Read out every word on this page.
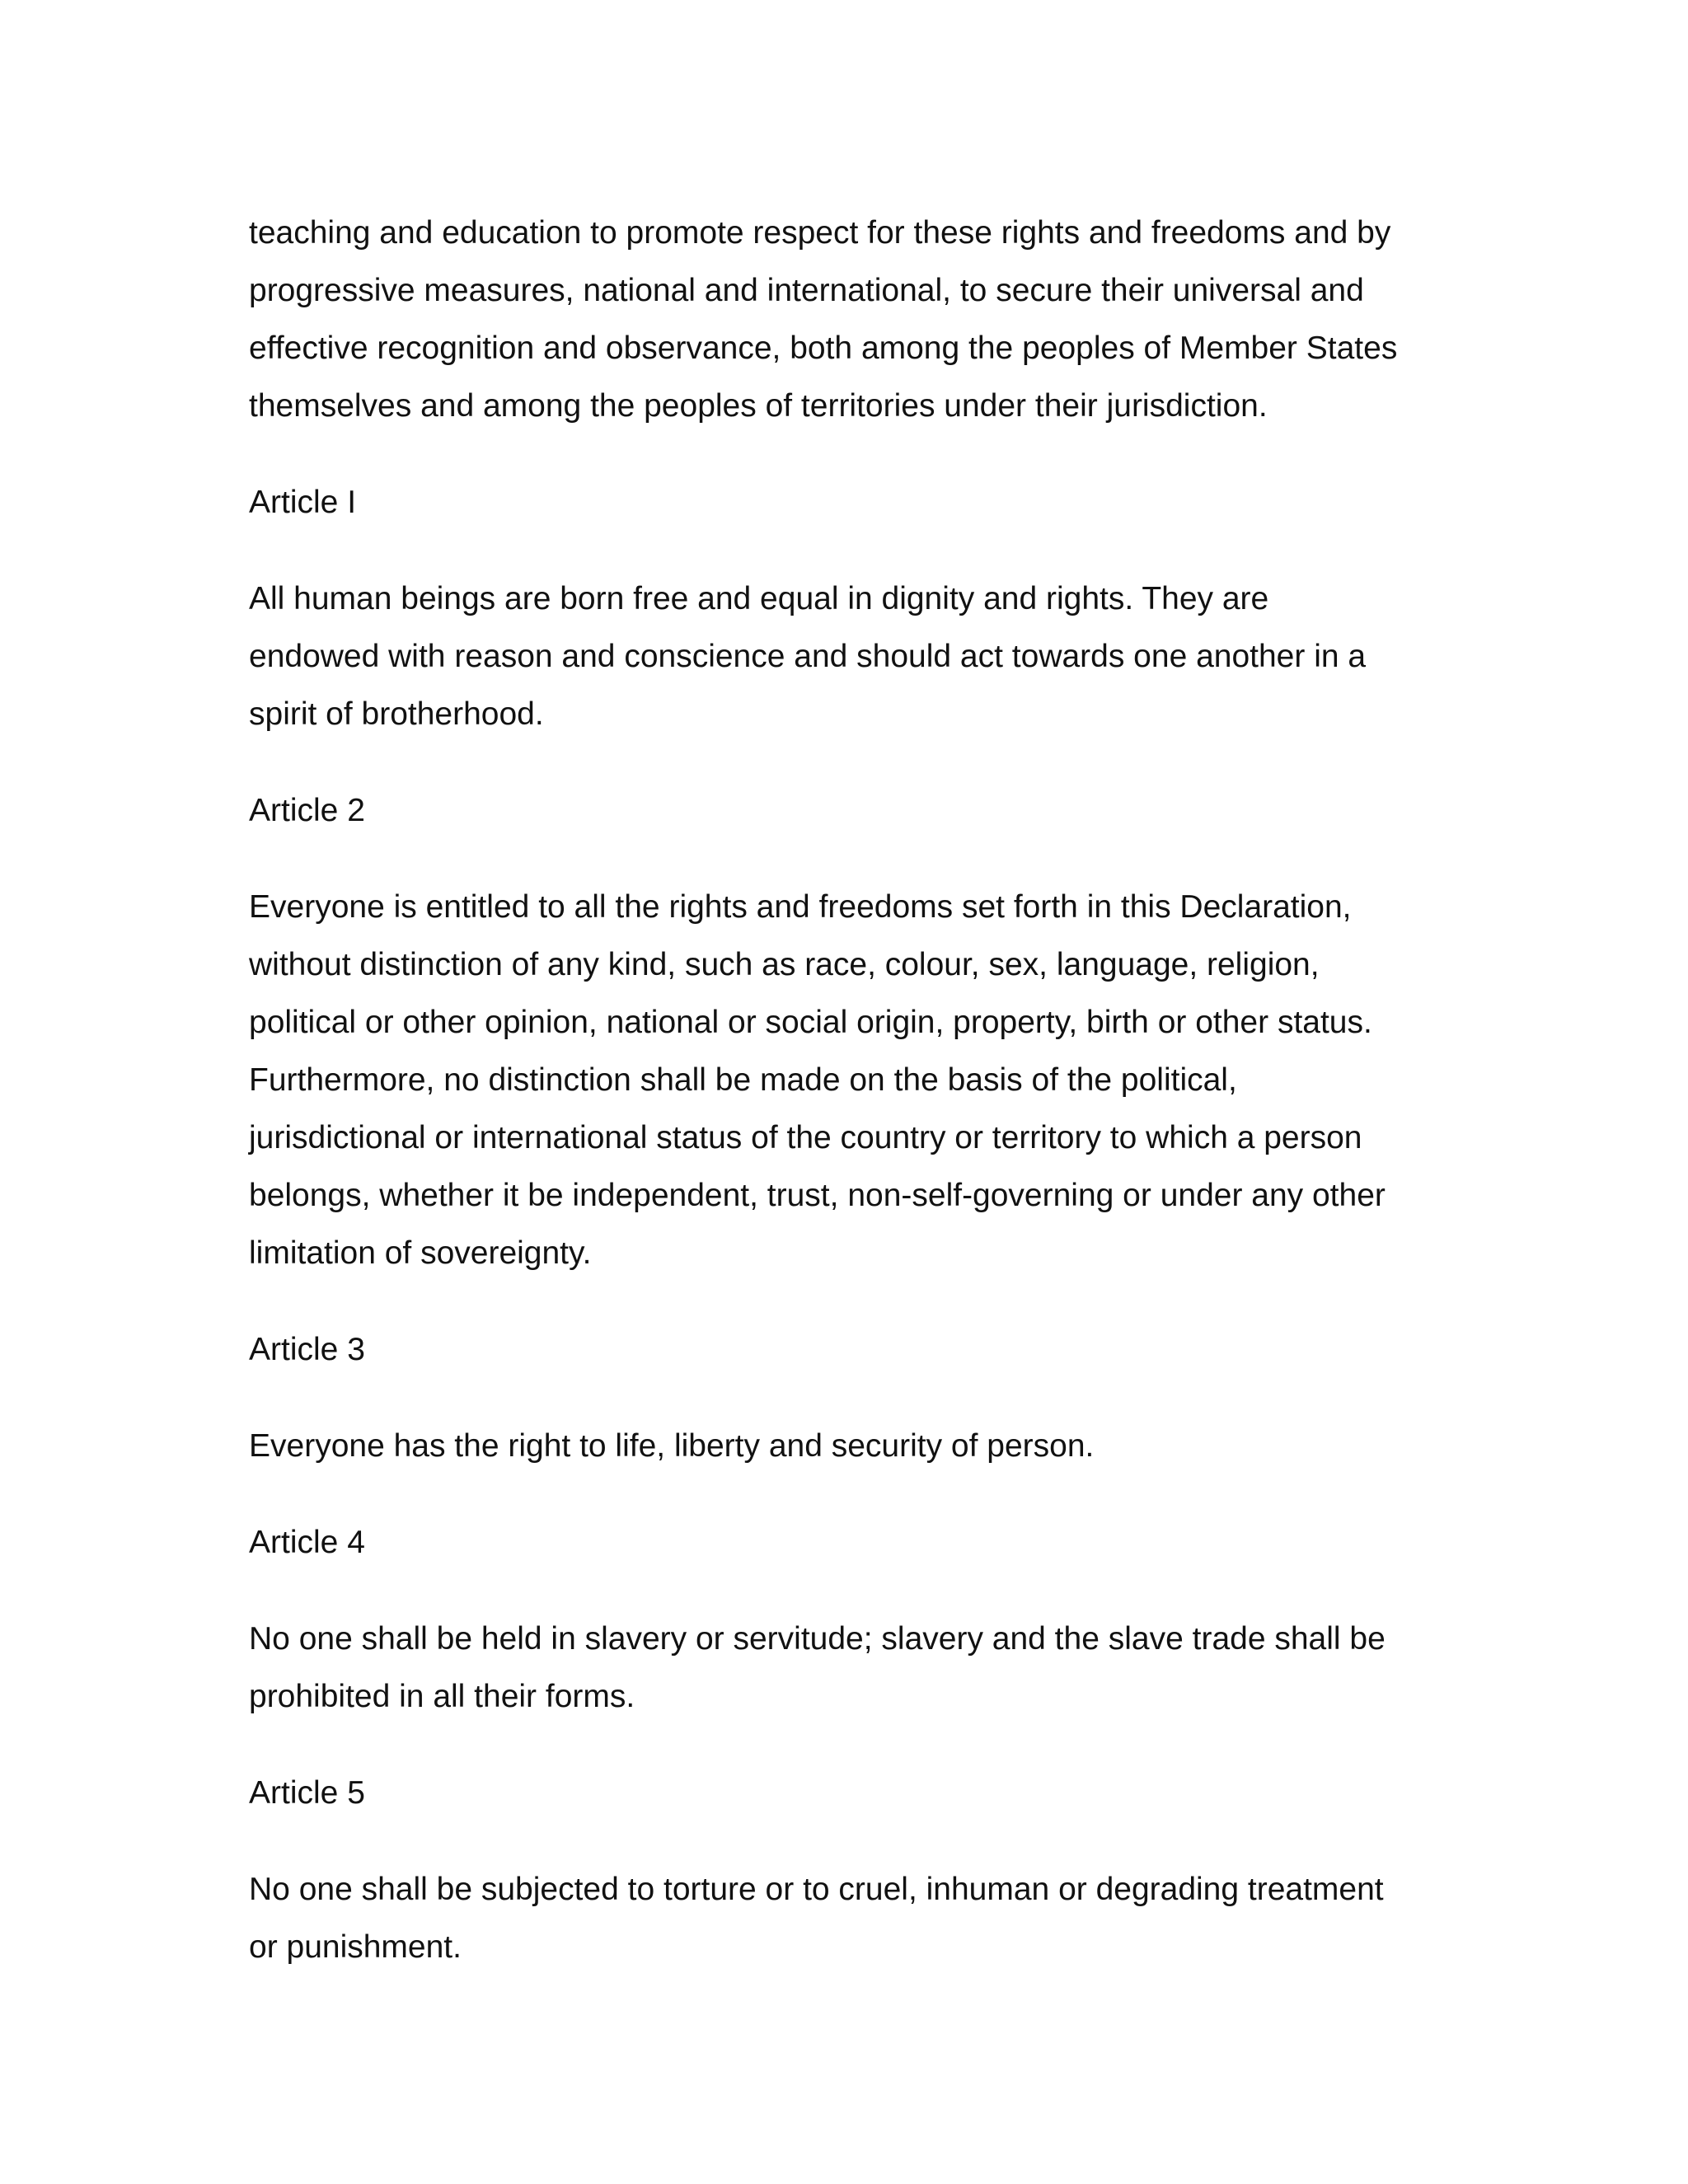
teaching and education to promote respect for these rights and freedoms and by
progressive measures, national and international, to secure their universal and
effective recognition and observance, both among the peoples of Member States
themselves and among the peoples of territories under their jurisdiction.

Article I

All human beings are born free and equal in dignity and rights. They are
endowed with reason and conscience and should act towards one another in a
spirit of brotherhood.

Article 2

Everyone is entitled to all the rights and freedoms set forth in this Declaration,
without distinction of any kind, such as race, colour, sex, language, religion,
political or other opinion, national or social origin, property, birth or other status.
Furthermore, no distinction shall be made on the basis of the political,
jurisdictional or international status of the country or territory to which a person
belongs, whether it be independent, trust, non-self-governing or under any other
limitation of sovereignty.

Article 3

Everyone has the right to life, liberty and security of person.

Article 4

No one shall be held in slavery or servitude; slavery and the slave trade shall be
prohibited in all their forms.

Article 5

No one shall be subjected to torture or to cruel, inhuman or degrading treatment
or punishment.
